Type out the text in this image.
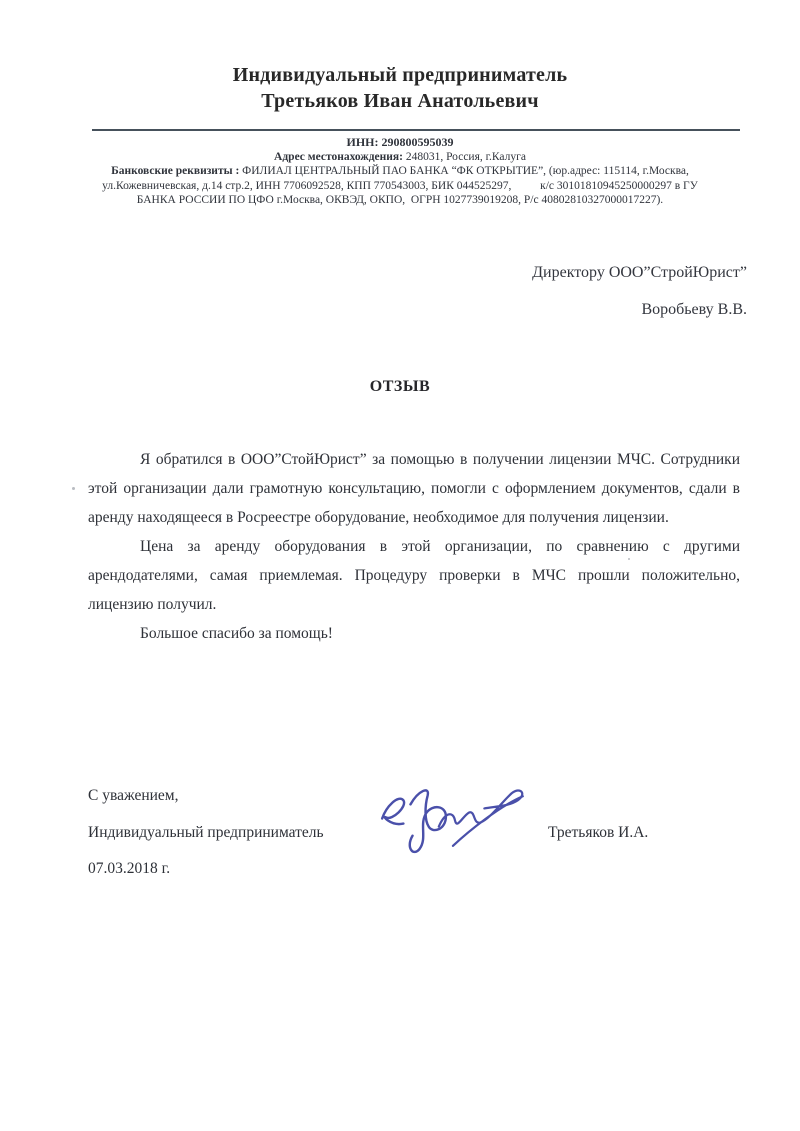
Индивидуальный предприниматель
Третьяков Иван Анатольевич
ИНН: 290800595039
Адрес местонахождения: 248031, Россия, г.Калуга
Банковские реквизиты : ФИЛИАЛ ЦЕНТРАЛЬНЫЙ ПАО БАНКА “ФК ОТКРЫТИЕ”, (юр.адрес: 115114, г.Москва,
ул.Кожевничевская, д.14 стр.2, ИНН 7706092528, КПП 770543003, БИК 044525297,          к/с 30101810945250000297 в ГУ
БАНКА РОССИИ ПО ЦФО г.Москва, ОКВЭД, ОКПО,  ОГРН 1027739019208, Р/с 40802810327000017227).
Директору ООО”СтройЮрист”
Воробьеву В.В.
ОТЗЫВ

Я обратился в ООО”СтойЮрист” за помощью в получении лицензии МЧС. Сотрудники этой организации дали грамотную консультацию, помогли с оформлением документов, сдали в аренду находящееся в Росреестре оборудование, необходимое для получения лицензии.

Цена за аренду оборудования в этой организации, по сравнению с другими арендодателями, самая приемлемая. Процедуру проверки в МЧС прошли положительно, лицензию получил.

Большое спасибо за помощь!

С уважением,
Индивидуальный предприниматель	Третьяков И.А.
07.03.2018 г.
